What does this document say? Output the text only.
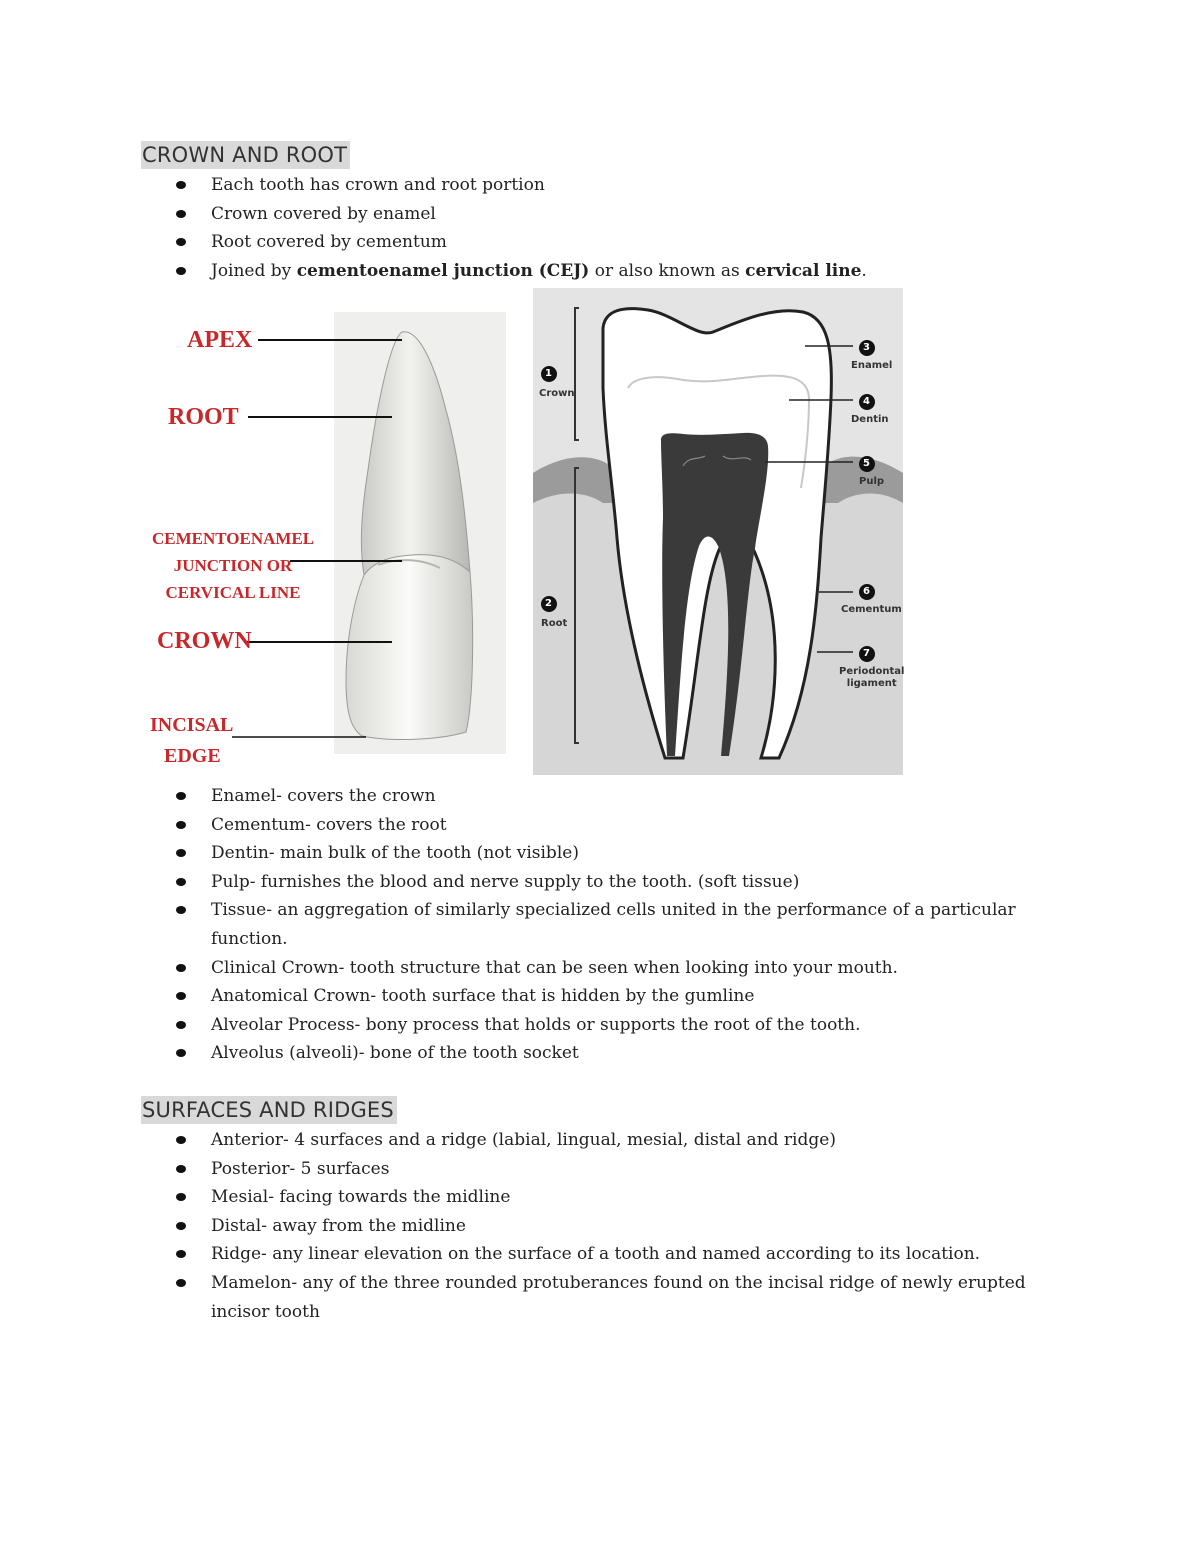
CROWN AND ROOT
Each tooth has crown and root portion
Crown covered by enamel
Root covered by cementum
Joined by cementoenamel junction (CEJ) or also known as cervical line.
APEX
ROOT
CEMENTOENAMEL
JUNCTION OR
CERVICAL LINE
CROWN
INCISAL
EDGE
1
2
3
4
5
6
7
Crown
Root
Enamel
Dentin
Pulp
Cementum
Periodontal
ligament
Enamel- covers the crown
Cementum- covers the root
Dentin- main bulk of the tooth (not visible)
Pulp- furnishes the blood and nerve supply to the tooth. (soft tissue)
Tissue- an aggregation of similarly specialized cells united in the performance of a particular function.
Clinical Crown- tooth structure that can be seen when looking into your mouth.
Anatomical Crown- tooth surface that is hidden by the gumline
Alveolar Process- bony process that holds or supports the root of the tooth.
Alveolus (alveoli)- bone of the tooth socket
SURFACES AND RIDGES
Anterior- 4 surfaces and a ridge (labial, lingual, mesial, distal and ridge)
Posterior- 5 surfaces
Mesial- facing towards the midline
Distal- away from the midline
Ridge- any linear elevation on the surface of a tooth and named according to its location.
Mamelon- any of the three rounded protuberances found on the incisal ridge of newly erupted incisor tooth
